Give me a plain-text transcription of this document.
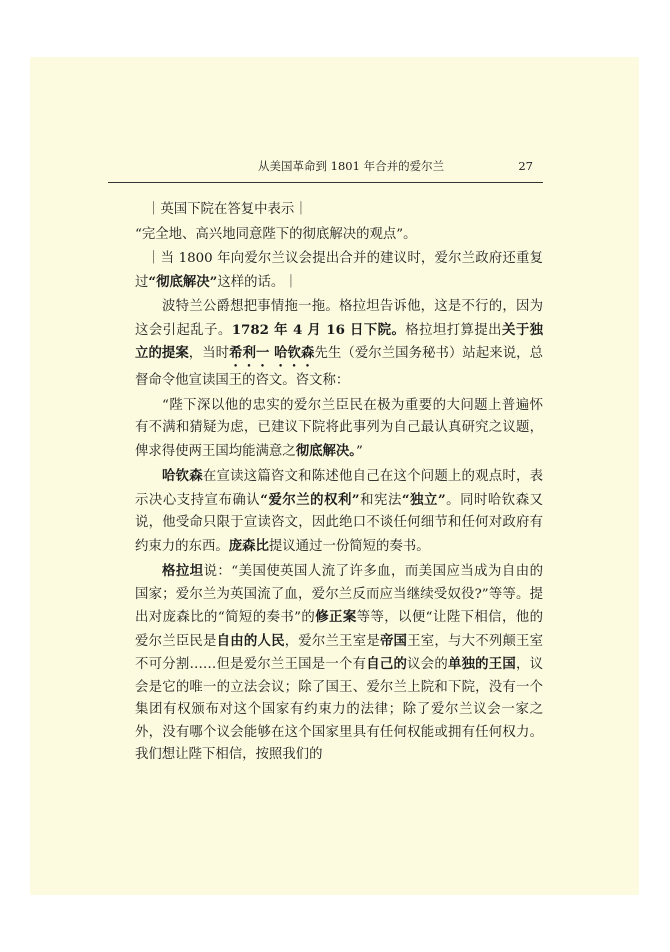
从美国革命到 1801 年合并的爱尔兰	27

｜英国下院在答复中表示｜

“完全地、高兴地同意陛下的彻底解决的观点”。

｜当 1800 年向爱尔兰议会提出合并的建议时，爱尔兰政府还重复过“彻底解决”这样的话。｜

波特兰公爵想把事情拖一拖。格拉坦告诉他，这是不行的，因为这会引起乱子。1782 年 4 月 16 日下院。格拉坦打算提出关于独立的提案，当时希利一 哈钦森先生（爱尔兰国务秘书）站起来说，总督命令他宣读国王的咨文。咨文称：

“陛下深以他的忠实的爱尔兰臣民在极为重要的大问题上普遍怀有不满和猜疑为虑，已建议下院将此事列为自己最认真研究之议题，俾求得使两王国均能满意之彻底解决。”

哈钦森在宣读这篇咨文和陈述他自己在这个问题上的观点时，表示决心支持宣布确认“爱尔兰的权利”和宪法“独立”。同时哈钦森又说，他受命只限于宣读咨文，因此绝口不谈任何细节和任何对政府有约束力的东西。庞森比提议通过一份简短的奏书。

格拉坦说：“美国使英国人流了许多血，而美国应当成为自由的国家；爱尔兰为英国流了血，爱尔兰反而应当继续受奴役?”等等。提出对庞森比的“简短的奏书”的修正案等等，以便“让陛下相信，他的爱尔兰臣民是自由的人民，爱尔兰王室是帝国王室，与大不列颠王室不可分割……但是爱尔兰王国是一个有自己的议会的单独的王国，议会是它的唯一的立法会议；除了国王、爱尔兰上院和下院，没有一个集团有权颁布对这个国家有约束力的法律；除了爱尔兰议会一家之外，没有哪个议会能够在这个国家里具有任何权能或拥有任何权力。我们想让陛下相信，按照我们的
